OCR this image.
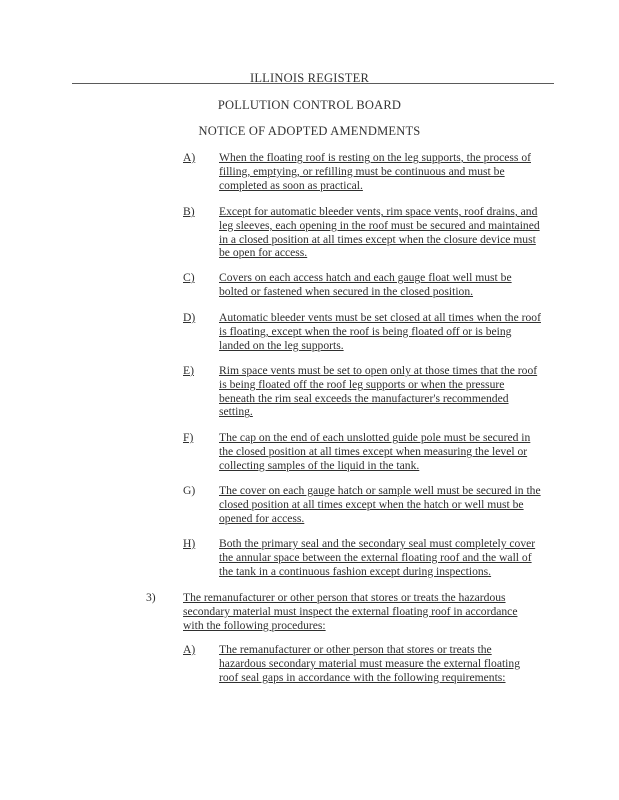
ILLINOIS REGISTER
POLLUTION CONTROL BOARD
NOTICE OF ADOPTED AMENDMENTS
A)	When the floating roof is resting on the leg supports, the process of filling, emptying, or refilling must be continuous and must be completed as soon as practical.
B)	Except for automatic bleeder vents, rim space vents, roof drains, and leg sleeves, each opening in the roof must be secured and maintained in a closed position at all times except when the closure device must be open for access.
C)	Covers on each access hatch and each gauge float well must be bolted or fastened when secured in the closed position.
D)	Automatic bleeder vents must be set closed at all times when the roof is floating, except when the roof is being floated off or is being landed on the leg supports.
E)	Rim space vents must be set to open only at those times that the roof is being floated off the roof leg supports or when the pressure beneath the rim seal exceeds the manufacturer's recommended setting.
F)	The cap on the end of each unslotted guide pole must be secured in the closed position at all times except when measuring the level or collecting samples of the liquid in the tank.
G)	The cover on each gauge hatch or sample well must be secured in the closed position at all times except when the hatch or well must be opened for access.
H)	Both the primary seal and the secondary seal must completely cover the annular space between the external floating roof and the wall of the tank in a continuous fashion except during inspections.
3) The remanufacturer or other person that stores or treats the hazardous secondary material must inspect the external floating roof in accordance with the following procedures:
A)	The remanufacturer or other person that stores or treats the hazardous secondary material must measure the external floating roof seal gaps in accordance with the following requirements:
